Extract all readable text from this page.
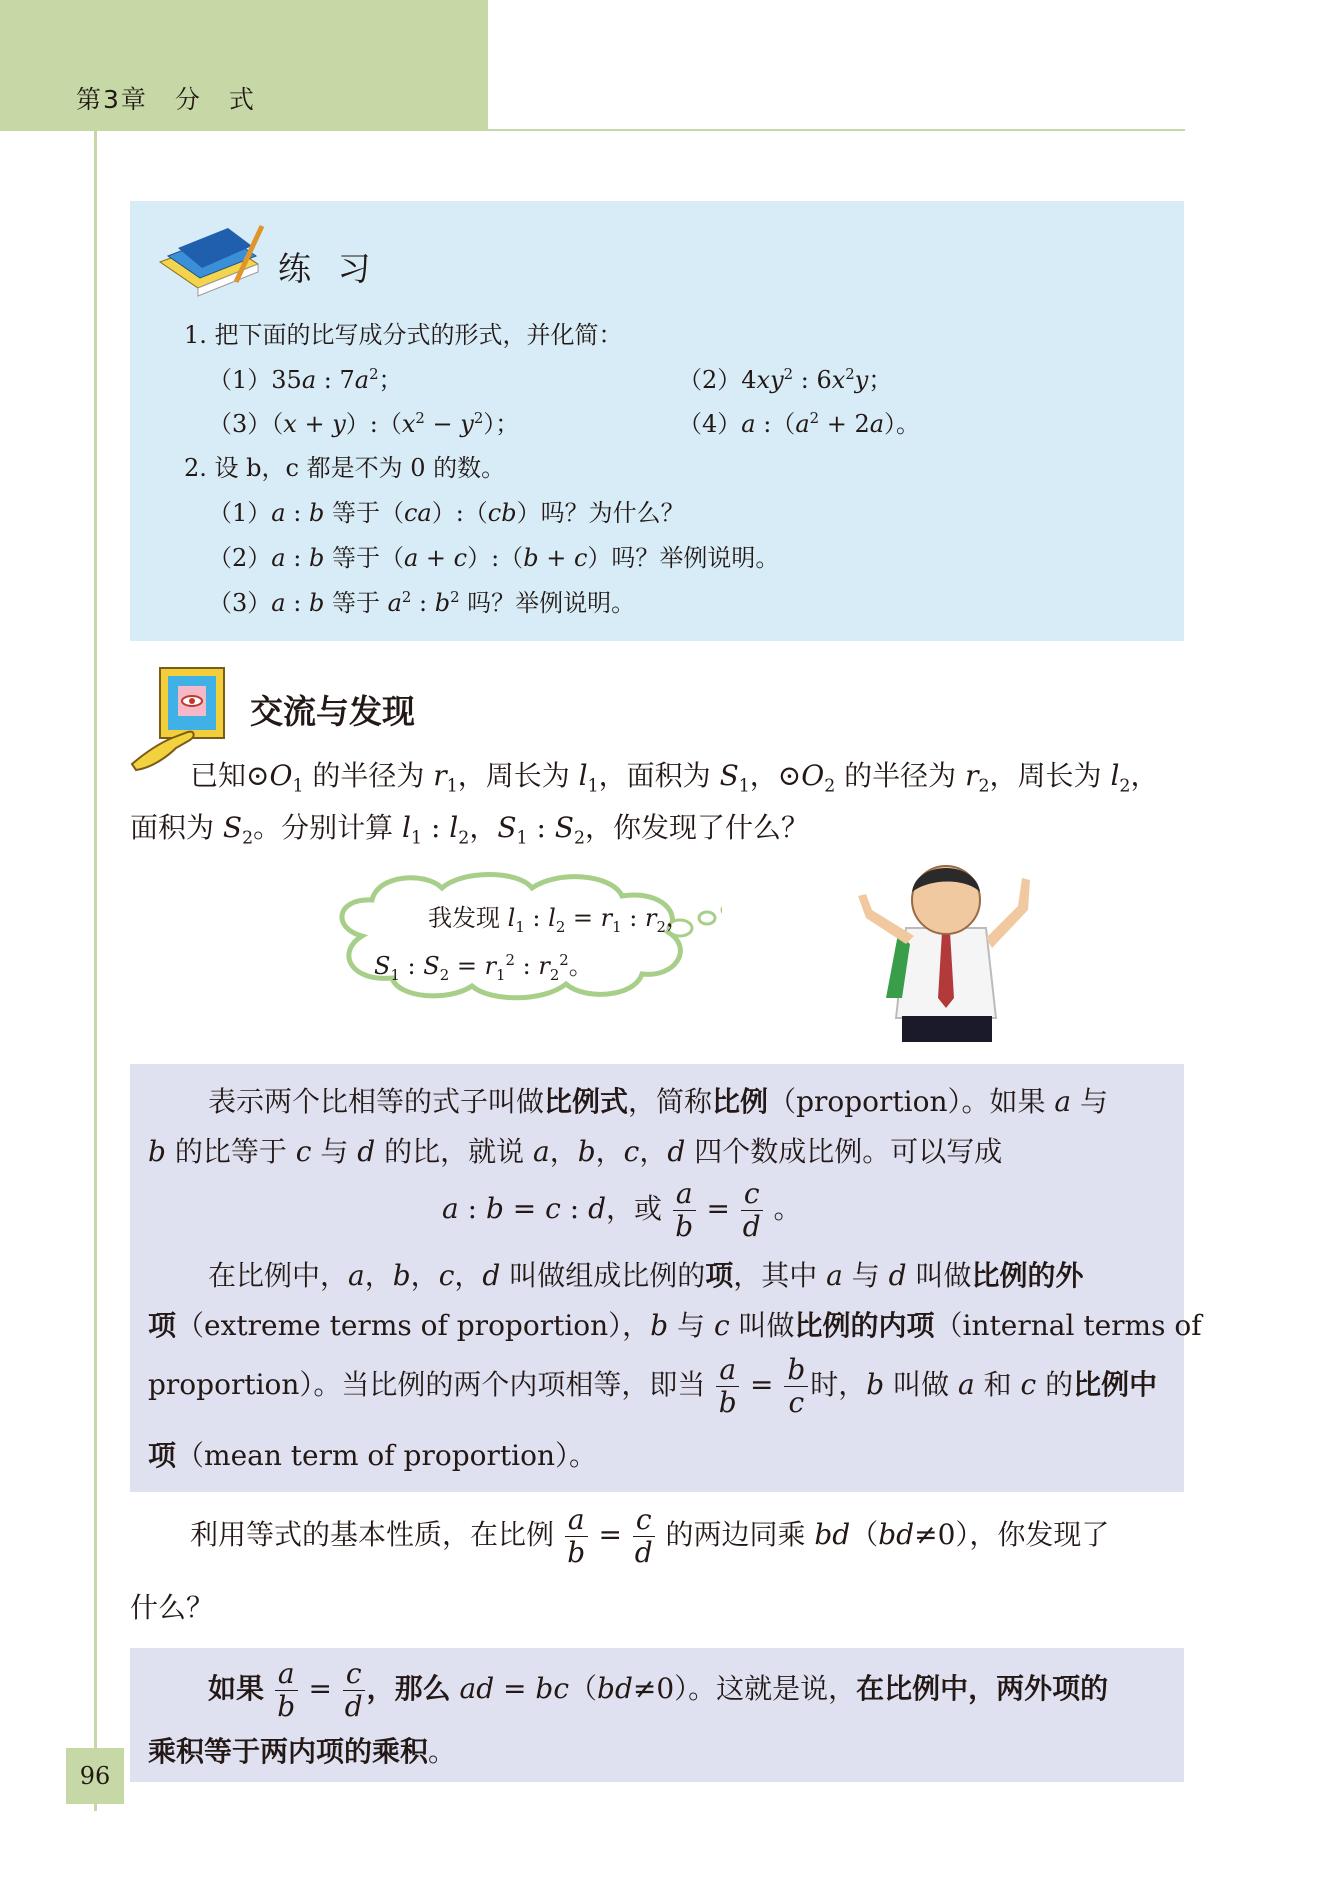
第3章　分　式
练 习
1. 把下面的比写成分式的形式，并化简：
（1）35a : $7a^2$；	$(2)4xy^2$ : $6x^2y$；
$(3)(x + y):(x^2 - y^2)$；	（4）a $:(a^2 + 2a)$。
2. 设 b，c 都是不为 0 的数。
（1）a : b 等于（ca）:（cb）吗？为什么？
（2）a : b 等于（a + c）:（b + c）吗？举例说明。
（3）a : b 等于 $a^2$ : $b^2$ 吗？举例说明。
交流与发现
已知$⊙O_1$ 的半径为 $r_1$，周长为 $l_1$，面积为 $S_1$，$⊙O_2$ 的半径为 $r_2$，周长为 $l_2$，
面积为 $S_2$。分别计算 $l_1$ : $l_2$，$S_1$ : $S_2$，你发现了什么？
我发现 $l_1$ : $l_2 = r_1$ : $r_2$，
$S_1$ : $S_2 = r_1^2$ : $r_2^2$。
表示两个比相等的式子叫做比例式，简称比例（proportion）。如果 a 与
b 的比等于 c 与 d 的比，就说 a，b，c，d 四个数成比例。可以写成
a : b = c : d，或 $\frac{a}{b} = \frac{c}{d}$ 。
在比例中，a，b，c，d 叫做组成比例的项，其中 a 与 d 叫做比例的外
项（extreme terms of proportion），b 与 c 叫做比例的内项（internal terms of
proportion）。当比例的两个内项相等，即当 $\frac{a}{b} = \frac{b}{c}$ 时，b 叫做 a 和 c 的比例中
项（mean term of proportion）。
利用等式的基本性质，在比例 $\frac{a}{b} = \frac{c}{d}$ 的两边同乘 bd（bd≠0），你发现了
什么？
如果 $\frac{a}{b} = \frac{c}{d}$ ，那么 ad = bc（bd≠0）。这就是说，在比例中，两外项的
乘积等于两内项的乘积。
96
